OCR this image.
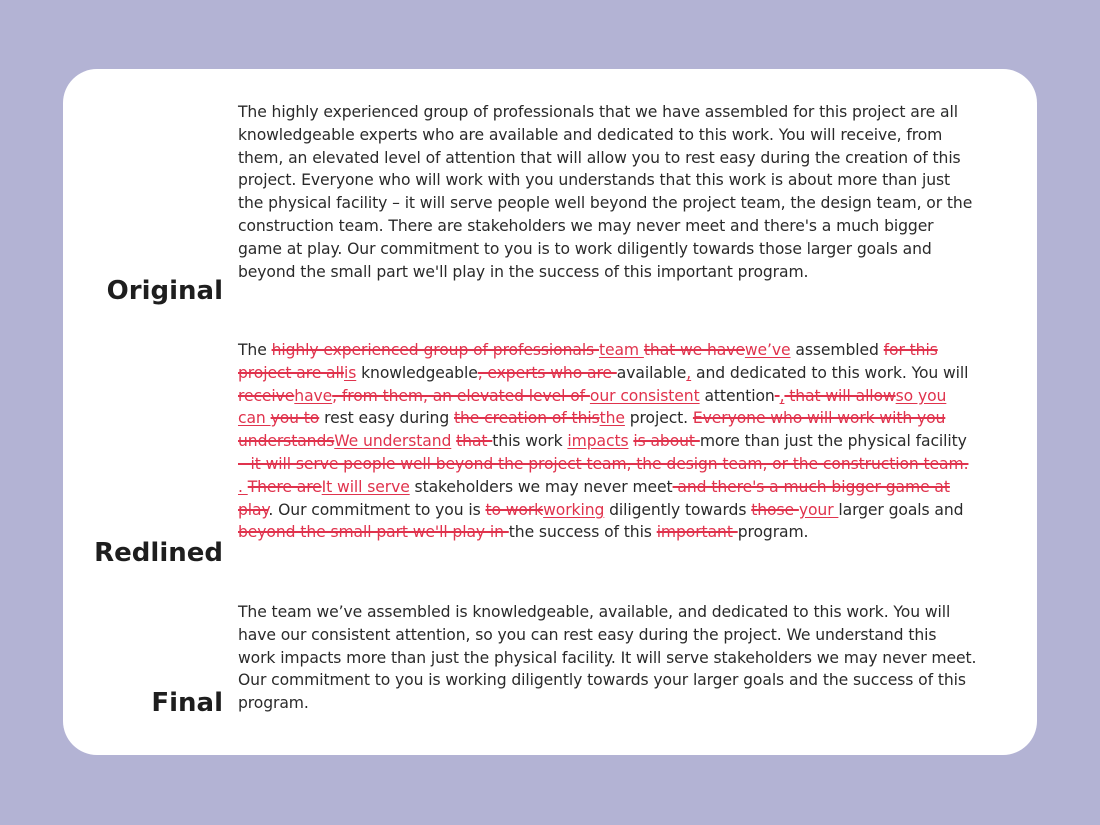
Original
The highly experienced group of professionals that we have assembled for this project are all knowledgeable experts who are available and dedicated to this work. You will receive, from them, an elevated level of attention that will allow you to rest easy during the creation of this project. Everyone who will work with you understands that this work is about more than just the physical facility – it will serve people well beyond the project team, the design team, or the construction team. There are stakeholders we may never meet and there's a much bigger game at play. Our commitment to you is to work diligently towards those larger goals and beyond the small part we'll play in the success of this important program.
Redlined
The highly experienced group of professionals team that we havewe’ve assembled for this project are allis knowledgeable, experts who are available, and dedicated to this work. You will receivehave, from them, an elevated level of our consistent attention , that will allowso you can you to rest easy during the creation of thisthe project. Everyone who will work with you understandsWe understand that this work impacts is about more than just the physical facility – it will serve people well beyond the project team, the design team, or the construction team. . There areIt will serve stakeholders we may never meet and there's a much bigger game at play. Our commitment to you is to workworking diligently towards those your larger goals and beyond the small part we'll play in the success of this important program.
Final
The team we’ve assembled is knowledgeable, available, and dedicated to this work. You will have our consistent attention, so you can rest easy during the project. We understand this work impacts more than just the physical facility. It will serve stakeholders we may never meet. Our commitment to you is working diligently towards your larger goals and the success of this program.
